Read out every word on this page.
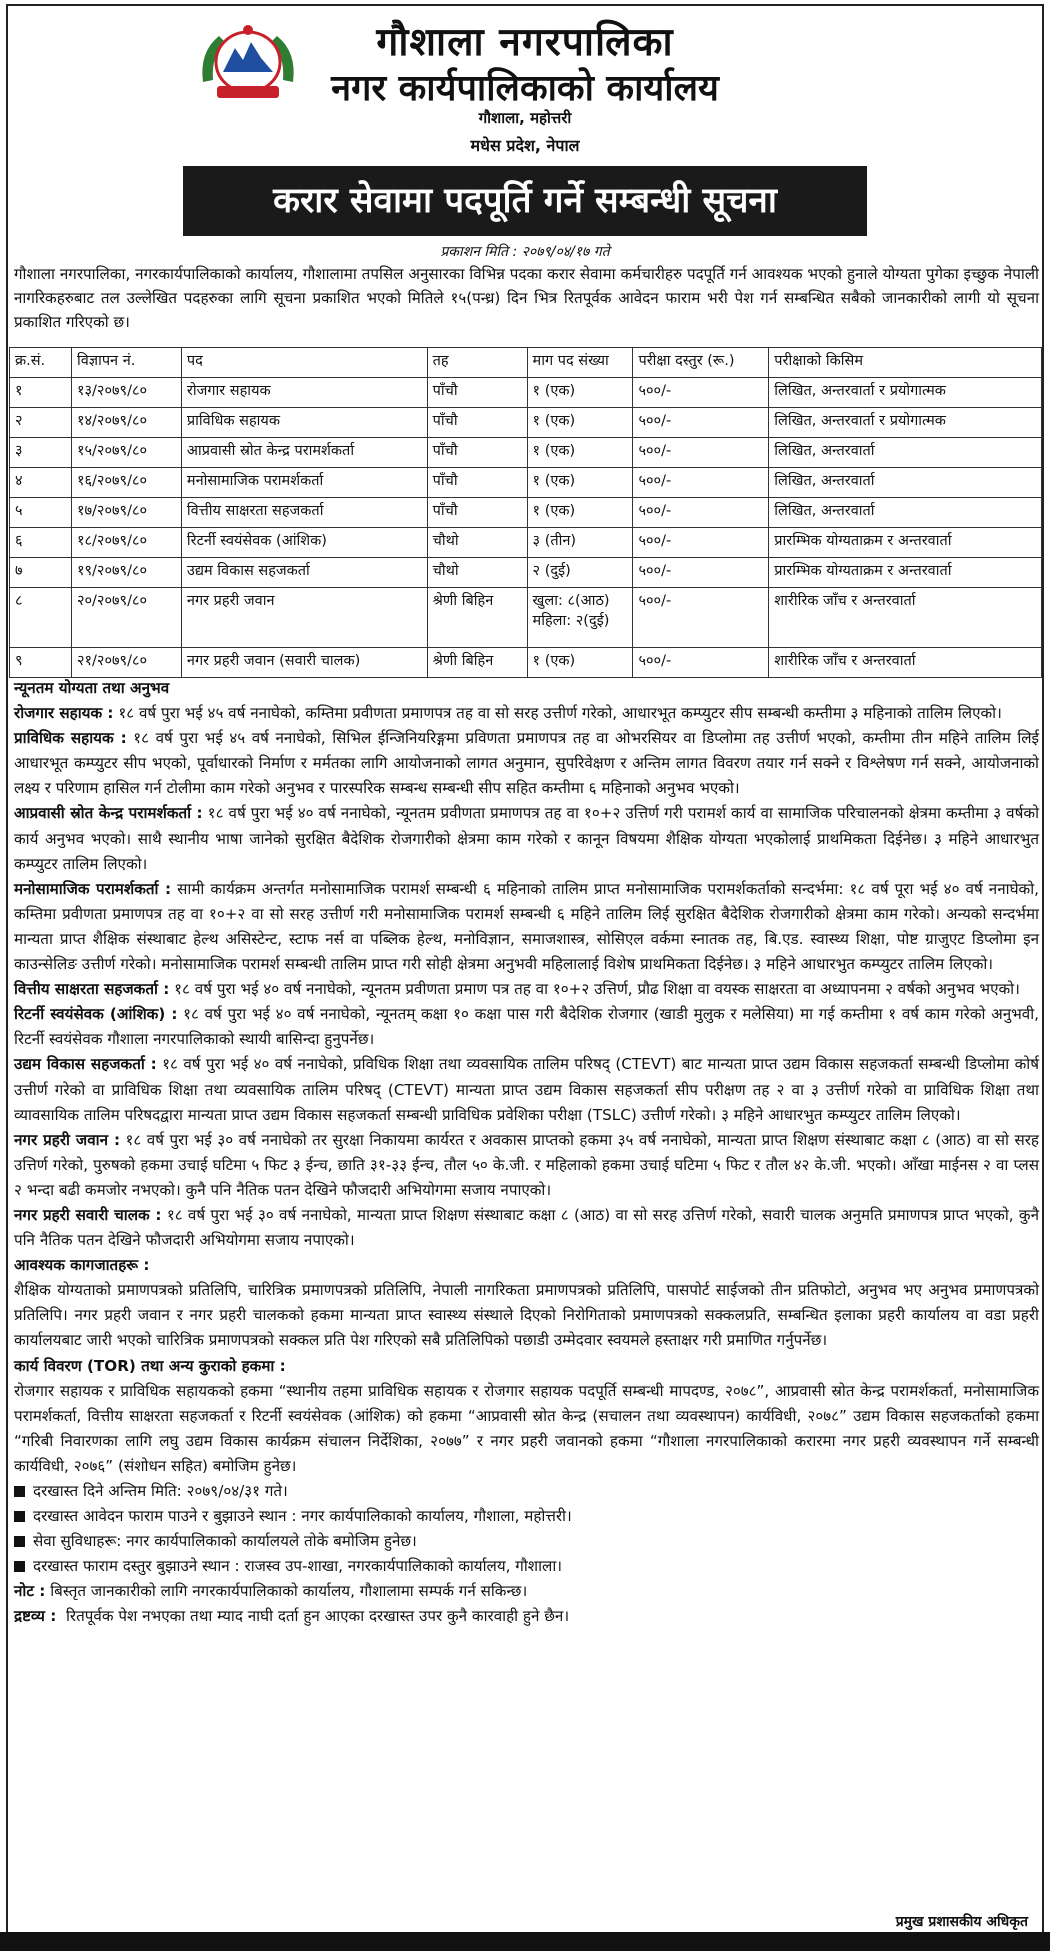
गौशाला नगरपालिका
नगर कार्यपालिकाको कार्यालय
गौशाला, महोत्तरी
मधेस प्रदेश, नेपाल
करार सेवामा पदपूर्ति गर्ने सम्बन्धी सूचना
प्रकाशन मिति : २०७९/०४/१७ गते
गौशाला नगरपालिका, नगरकार्यपालिकाको कार्यालय, गौशालामा तपसिल अनुसारका विभिन्न पदका करार सेवामा कर्मचारीहरु पदपूर्ति गर्न आवश्यक भएको हुनाले योग्यता पुगेका इच्छुक नेपाली नागरिकहरुबाट तल उल्लेखित पदहरुका लागि सूचना प्रकाशित भएको मितिले १५(पन्ध्र) दिन भित्र रितपूर्वक आवेदन फाराम भरी पेश गर्न सम्बन्धित सबैको जानकारीको लागी यो सूचना प्रकाशित गरिएको छ।
क्र.सं.	विज्ञापन नं.	पद	तह	माग पद संख्या	परीक्षा दस्तुर (रू.)	परीक्षाको किसिम
१	१३/२०७९/८०	रोजगार सहायक	पाँचौ	१ (एक)	५००/-	लिखित, अन्तरवार्ता र प्रयोगात्मक
२	१४/२०७९/८०	प्राविधिक सहायक	पाँचौ	१ (एक)	५००/-	लिखित, अन्तरवार्ता र प्रयोगात्मक
३	१५/२०७९/८०	आप्रवासी स्रोत केन्द्र परामर्शकर्ता	पाँचौ	१ (एक)	५००/-	लिखित, अन्तरवार्ता
४	१६/२०७९/८०	मनोसामाजिक परामर्शकर्ता	पाँचौ	१ (एक)	५००/-	लिखित, अन्तरवार्ता
५	१७/२०७९/८०	वित्तीय साक्षरता सहजकर्ता	पाँचौ	१ (एक)	५००/-	लिखित, अन्तरवार्ता
६	१८/२०७९/८०	रिटर्नी स्वयंसेवक (आंशिक)	चौथो	३ (तीन)	५००/-	प्रारम्भिक योग्यताक्रम र अन्तरवार्ता
७	१९/२०७९/८०	उद्यम विकास सहजकर्ता	चौथो	२ (दुई)	५००/-	प्रारम्भिक योग्यताक्रम र अन्तरवार्ता
८	२०/२०७९/८०	नगर प्रहरी जवान	श्रेणी बिहिन	खुला: ८(आठ) महिला: २(दुई)	५००/-	शारीरिक जाँच र अन्तरवार्ता
९	२१/२०७९/८०	नगर प्रहरी जवान (सवारी चालक)	श्रेणी बिहिन	१ (एक)	५००/-	शारीरिक जाँच र अन्तरवार्ता

न्यूनतम योग्यता तथा अनुभव

रोजगार सहायक : १८ वर्ष पुरा भई ४५ वर्ष ननाघेको, कम्तिमा प्रवीणता प्रमाणपत्र तह वा सो सरह उत्तीर्ण गरेको, आधारभूत कम्प्युटर सीप सम्बन्धी कम्तीमा ३ महिनाको तालिम लिएको।

प्राविधिक सहायक : १८ वर्ष पुरा भई ४५ वर्ष ननाघेको, सिभिल ईन्जिनियरिङ्गमा प्रविणता प्रमाणपत्र तह वा ओभरसियर वा डिप्लोमा तह उत्तीर्ण भएको, कम्तीमा तीन महिने तालिम लिई आधारभूत कम्प्युटर सीप भएको, पूर्वाधारको निर्माण र मर्मतका लागि आयोजनाको लागत अनुमान, सुपरिवेक्षण र अन्तिम लागत विवरण तयार गर्न सक्ने र विश्लेषण गर्न सक्ने, आयोजनाको लक्ष्य र परिणाम हासिल गर्न टोलीमा काम गरेको अनुभव र पारस्परिक सम्बन्ध सम्बन्धी सीप सहित कम्तीमा ६ महिनाको अनुभव भएको।

आप्रवासी स्रोत केन्द्र परामर्शकर्ता : १८ वर्ष पुरा भई ४० वर्ष ननाघेको, न्यूनतम प्रवीणता प्रमाणपत्र तह वा १०+२ उत्तिर्ण गरी परामर्श कार्य वा सामाजिक परिचालनको क्षेत्रमा कम्तीमा ३ वर्षको कार्य अनुभव भएको। साथै स्थानीय भाषा जानेको सुरक्षित बैदेशिक रोजगारीको क्षेत्रमा काम गरेको र कानून विषयमा शैक्षिक योग्यता भएकोलाई प्राथमिकता दिईनेछ। ३ महिने आधारभुत कम्प्युटर तालिम लिएको।

मनोसामाजिक परामर्शकर्ता : सामी कार्यक्रम अन्तर्गत मनोसामाजिक परामर्श सम्बन्धी ६ महिनाको तालिम प्राप्त मनोसामाजिक परामर्शकर्ताको सन्दर्भमा: १८ वर्ष पूरा भई ४० वर्ष ननाघेको, कम्तिमा प्रवीणता प्रमाणपत्र तह वा १०+२ वा सो सरह उत्तीर्ण गरी मनोसामाजिक परामर्श सम्बन्धी ६ महिने तालिम लिई सुरक्षित बैदेशिक रोजगारीको क्षेत्रमा काम गरेको। अन्यको सन्दर्भमा मान्यता प्राप्त शैक्षिक संस्थाबाट हेल्थ असिस्टेन्ट, स्टाफ नर्स वा पब्लिक हेल्थ, मनोविज्ञान, समाजशास्त्र, सोसिएल वर्कमा स्नातक तह, बि.एड. स्वास्थ्य शिक्षा, पोष्ट ग्राजुएट डिप्लोमा इन काउन्सेलिङ उत्तीर्ण गरेको। मनोसामाजिक परामर्श सम्बन्धी तालिम प्राप्त गरी सोही क्षेत्रमा अनुभवी महिलालाई विशेष प्राथमिकता दिईनेछ। ३ महिने आधारभुत कम्प्युटर तालिम लिएको।

वित्तीय साक्षरता सहजकर्ता : १८ वर्ष पुरा भई ४० वर्ष ननाघेको, न्यूनतम प्रवीणता प्रमाण पत्र तह वा १०+२ उत्तिर्ण, प्रौढ शिक्षा वा वयस्क साक्षरता वा अध्यापनमा २ वर्षको अनुभव भएको।

रिटर्नी स्वयंसेवक (आंशिक) : १८ वर्ष पुरा भई ४० वर्ष ननाघेको, न्यूनतम् कक्षा १० कक्षा पास गरी बैदेशिक रोजगार (खाडी मुलुक र मलेसिया) मा गई कम्तीमा १ वर्ष काम गरेको अनुभवी, रिटर्नी स्वयंसेवक गौशाला नगरपालिकाको स्थायी बासिन्दा हुनुपर्नेछ।

उद्यम विकास सहजकर्ता : १८ वर्ष पुरा भई ४० वर्ष ननाघेको, प्रविधिक शिक्षा तथा व्यवसायिक तालिम परिषद् (CTEVT) बाट मान्यता प्राप्त उद्यम विकास सहजकर्ता सम्बन्धी डिप्लोमा कोर्ष उत्तीर्ण गरेको वा प्राविधिक शिक्षा तथा व्यवसायिक तालिम परिषद् (CTEVT) मान्यता प्राप्त उद्यम विकास सहजकर्ता सीप परीक्षण तह २ वा ३ उत्तीर्ण गरेको वा प्राविधिक शिक्षा तथा व्यावसायिक तालिम परिषदद्वारा मान्यता प्राप्त उद्यम विकास सहजकर्ता सम्बन्धी प्राविधिक प्रवेशिका परीक्षा (TSLC) उत्तीर्ण गरेको। ३ महिने आधारभुत कम्प्युटर तालिम लिएको।

नगर प्रहरी जवान : १८ वर्ष पुरा भई ३० वर्ष ननाघेको तर सुरक्षा निकायमा कार्यरत र अवकास प्राप्तको हकमा ३५ वर्ष ननाघेको, मान्यता प्राप्त शिक्षण संस्थाबाट कक्षा ८ (आठ) वा सो सरह उत्तिर्ण गरेको, पुरुषको हकमा उचाई घटिमा ५ फिट ३ ईन्च, छाति ३१-३३ ईन्च, तौल ५० के.जी. र महिलाको हकमा उचाई घटिमा ५ फिट र तौल ४२ के.जी. भएको। आँखा माईनस २ वा प्लस २ भन्दा बढी कमजोर नभएको। कुनै पनि नैतिक पतन देखिने फौजदारी अभियोगमा सजाय नपाएको।

नगर प्रहरी सवारी चालक : १८ वर्ष पुरा भई ३० वर्ष ननाघेको, मान्यता प्राप्त शिक्षण संस्थाबाट कक्षा ८ (आठ) वा सो सरह उत्तिर्ण गरेको, सवारी चालक अनुमति प्रमाणपत्र प्राप्त भएको, कुनै पनि नैतिक पतन देखिने फौजदारी अभियोगमा सजाय नपाएको।

आवश्यक कागजातहरू :

शैक्षिक योग्यताको प्रमाणपत्रको प्रतिलिपि, चारित्रिक प्रमाणपत्रको प्रतिलिपि, नेपाली नागरिकता प्रमाणपत्रको प्रतिलिपि, पासपोर्ट साईजको तीन प्रतिफोटो, अनुभव भए अनुभव प्रमाणपत्रको प्रतिलिपि। नगर प्रहरी जवान र नगर प्रहरी चालकको हकमा मान्यता प्राप्त स्वास्थ्य संस्थाले दिएको निरोगिताको प्रमाणपत्रको सक्कलप्रति, सम्बन्धित इलाका प्रहरी कार्यालय वा वडा प्रहरी कार्यालयबाट जारी भएको चारित्रिक प्रमाणपत्रको सक्कल प्रति पेश गरिएको सबै प्रतिलिपिको पछाडी उम्मेदवार स्वयमले हस्ताक्षर गरी प्रमाणित गर्नुपर्नेछ।

कार्य विवरण (TOR) तथा अन्य कुराको हकमा :

रोजगार सहायक र प्राविधिक सहायकको हकमा “स्थानीय तहमा प्राविधिक सहायक र रोजगार सहायक पदपूर्ति सम्बन्धी मापदण्ड, २०७८”, आप्रवासी स्रोत केन्द्र परामर्शकर्ता, मनोसामाजिक परामर्शकर्ता, वित्तीय साक्षरता सहजकर्ता र रिटर्नी स्वयंसेवक (आंशिक) को हकमा “आप्रवासी स्रोत केन्द्र (सचालन तथा व्यवस्थापन) कार्यविधी, २०७८” उद्यम विकास सहजकर्ताको हकमा “गरिबी निवारणका लागि लघु उद्यम विकास कार्यक्रम संचालन निर्देशिका, २०७७” र नगर प्रहरी जवानको हकमा “गौशाला नगरपालिकाको करारमा नगर प्रहरी व्यवस्थापन गर्ने सम्बन्धी कार्यविधी, २०७६” (संशोधन सहित) बमोजिम हुनेछ।

दरखास्त दिने अन्तिम मिति: २०७९/०४/३१ गते।

दरखास्त आवेदन फाराम पाउने र बुझाउने स्थान : नगर कार्यपालिकाको कार्यालय, गौशाला, महोत्तरी।

सेवा सुविधाहरू: नगर कार्यपालिकाको कार्यालयले तोके बमोजिम हुनेछ।

दरखास्त फाराम दस्तुर बुझाउने स्थान : राजस्व उप-शाखा, नगरकार्यपालिकाको कार्यालय, गौशाला।

नोट : बिस्तृत जानकारीको लागि नगरकार्यपालिकाको कार्यालय, गौशालामा सम्पर्क गर्न सकिन्छ।

द्रष्टव्य : रितपूर्वक पेश नभएका तथा म्याद नाघी दर्ता हुन आएका दरखास्त उपर कुनै कारवाही हुने छैन।

प्रमुख प्रशासकीय अधिकृत
